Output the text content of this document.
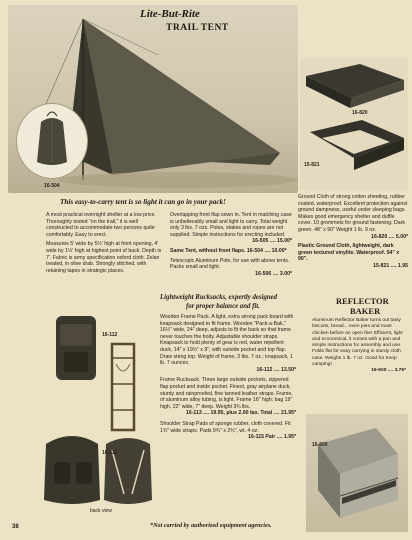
16-504
Lite-But-Rite
TRAIL TENT
16-820
15-821
This easy-to-carry tent is so light it can go in your pack!

A most practical overnight shelter at a low price. Thoroughly tested "on the trail," it is well constructed to accommodate two persons quite comfortably. Easy to erect.

Measures 5' wide by 5½' high at front opening, 4' wide by 1½' high at highest point of back. Depth is 7'. Fabric is army specification oxford cloth. Zelan treated, in olive drab. Strongly stitched, with retaining tapes in strategic places.

Overlapping front flap sewn in. Tent in matching case is unbelievably small and light to carry. Total weight only 3 lbs. 7 ozs. Poles, stakes and ropes are not supplied. Simple instructions for erecting included.

16-505 .... 15.00*

Same Tent, without front flaps. 16-504 .... 10.00*

Telescopic Aluminum Pole, for use with above tents. Packs small and light.

16-506 .... 3.00*

Ground Cloth of strong cotton sheeting, rubber coated, waterproof. Excellent protection against ground dampness, useful under sleeping bags. Makes good emergency shelter and duffle cover. 10 grommets for ground fastening. Dark green. 48" x 90" Weight 1 lb. 9 oz.

16-820 .... 5.00*

Plastic Ground Cloth, lightweight, dark green textured vinylite. Waterproof. 54" x 90".

15-821 .... 1.95

Lightweight Rucksacks, expertly designed
for proper balance and fit.
16-112
16-113
back view

Wooden Frame Pack. A light, extra strong pack board with knapsack designed to fit frame. Wooden "Pack-a-Bak," 16½" wide, 24" deep, adjusts to fit the back so that frame never touches the body. Adjustable shoulder straps. Knapsack to hold plenty of gear is red, water repellent duck, 14" x 19½" x 9", with outside pocket and top flap. Draw string top. Weight of frame, 3 lbs. 7 oz.; knapsack, 1 lb. 7 ounces.

16-112 .... 13.50*

Frame Rucksack. Three large outside pockets, zippered flap pocket and inside pocket. Finest, gray airplane duck, sturdy and rainproofed, fine tanned leather straps. Frame, of aluminum alloy tubing, is light. Frame 16" high; bag 19" high, 22" wide, 7" deep. Weight 3¾ lbs.

16-113 .... 19.95, plus 2.00 tax. Total .... 21.95*

Shoulder Strap Pads of sponge rubber, cloth covered. Fit 1¾" wide straps. Pads 9¾" x 2¾", wt. 4 oz.

16-115 Pair .... 1.95*

REFLECTOR
BAKER

Aluminum Reflector Baker turns out tasty biscuits, bread... even pies and roast chicken before an open fire! Efficient, light and economical, it comes with a pan and simple instructions for assembly and use. Folds flat for easy carrying in sturdy cloth case. Weighs 1 lb. 7 oz. Good for troop camping!

16-600 .... 3.75*

16-600
38	*Not carried by authorized equipment agencies.
